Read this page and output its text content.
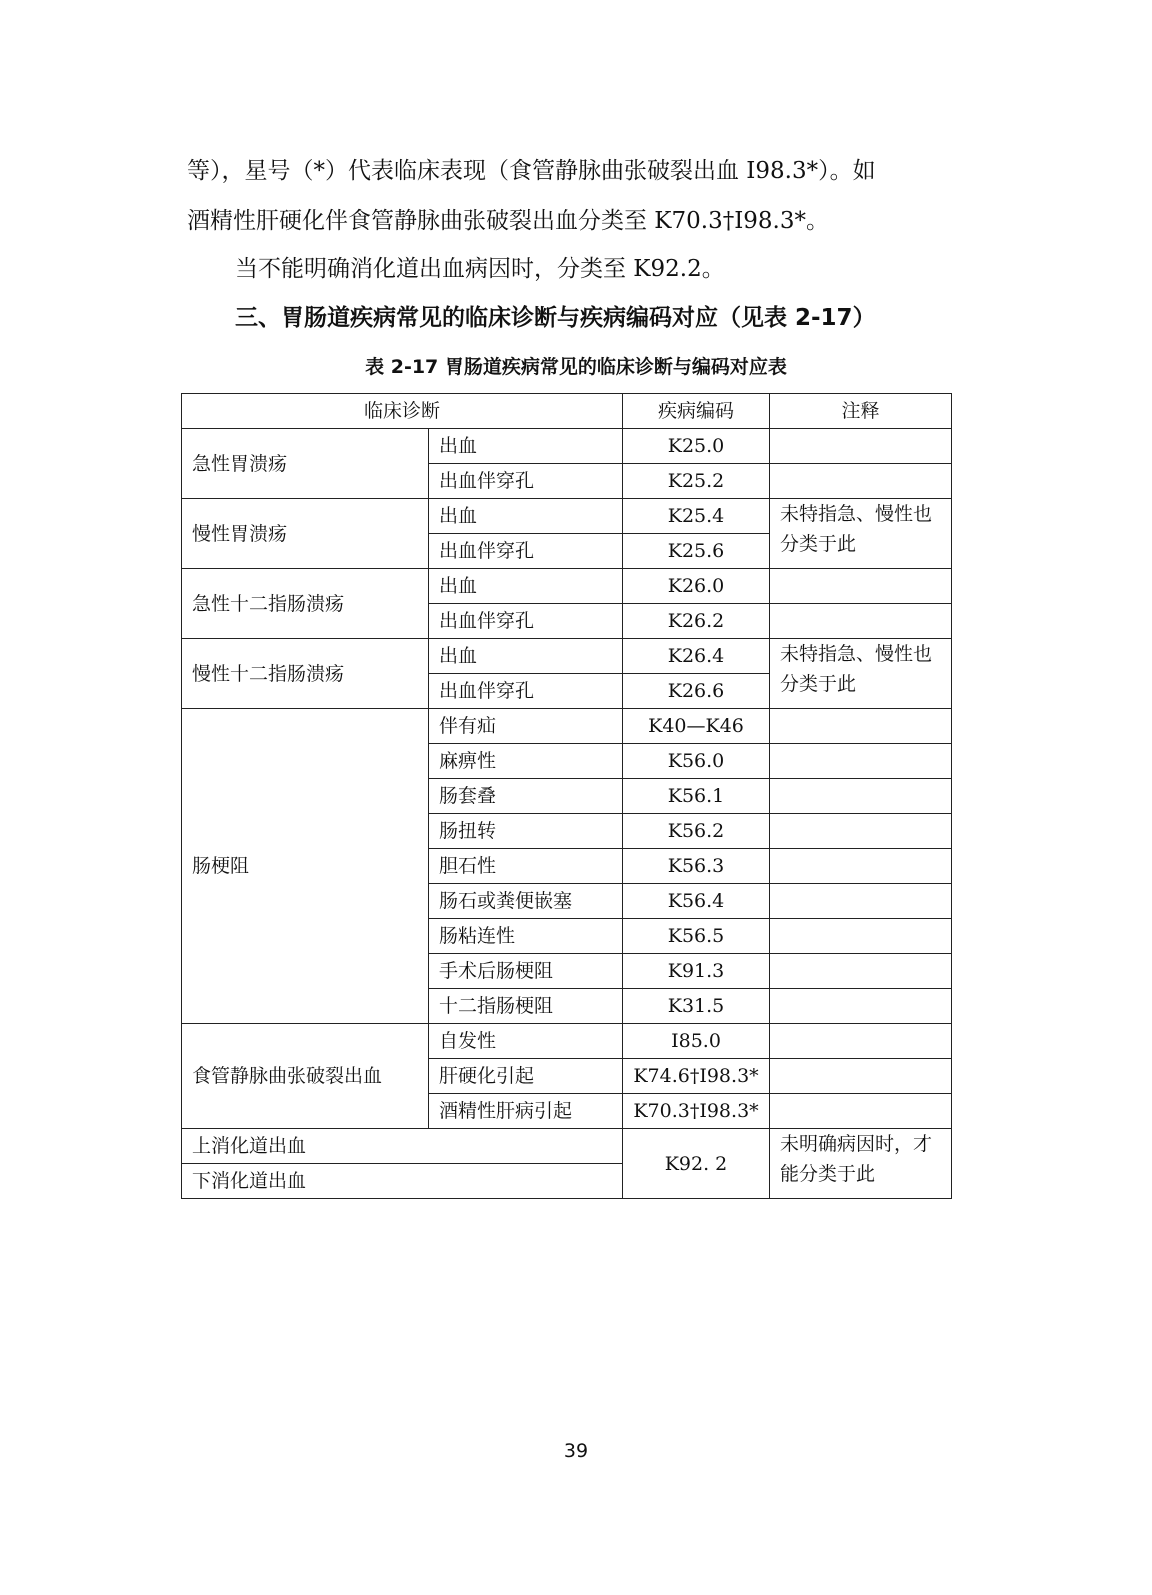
等），星号（*）代表临床表现（食管静脉曲张破裂出血 I98.3*）。如
酒精性肝硬化伴食管静脉曲张破裂出血分类至 K70.3†I98.3*。
当不能明确消化道出血病因时，分类至 K92.2。
三、胃肠道疾病常见的临床诊断与疾病编码对应（见表 2-17）
表 2-17 胃肠道疾病常见的临床诊断与编码对应表
临床诊断		疾病编码	注释
急性胃溃疡	出血	K25.0	
	出血伴穿孔	K25.2	
慢性胃溃疡	出血	K25.4	未特指急、慢性也分类于此
	出血伴穿孔	K25.6	
急性十二指肠溃疡	出血	K26.0	
	出血伴穿孔	K26.2	
慢性十二指肠溃疡	出血	K26.4	未特指急、慢性也分类于此
	出血伴穿孔	K26.6	
肠梗阻	伴有疝	K40—K46	
	麻痹性	K56.0	
	肠套叠	K56.1	
	肠扭转	K56.2	
	胆石性	K56.3	
	肠石或粪便嵌塞	K56.4	
	肠粘连性	K56.5	
	手术后肠梗阻	K91.3	
	十二指肠梗阻	K31.5	
食管静脉曲张破裂出血	自发性	I85.0	
	肝硬化引起	K74.6†I98.3*	
	酒精性肝病引起	K70.3†I98.3*	
上消化道出血		K92. 2	未明确病因时，才能分类于此
下消化道出血			
39
